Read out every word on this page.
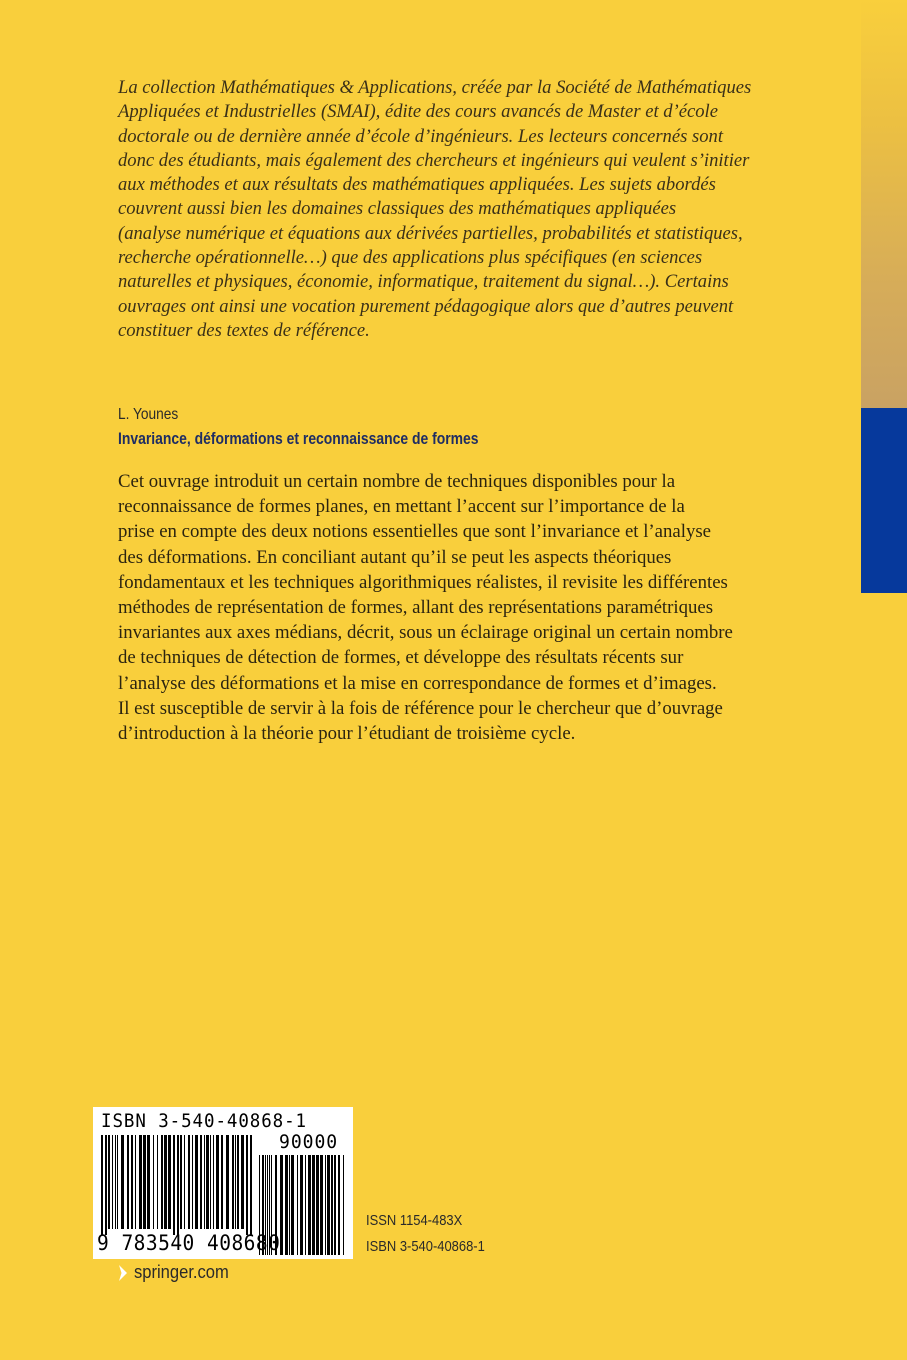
La collection Mathématiques & Applications, créée par la Société de Mathématiques
Appliquées et Industrielles (SMAI), édite des cours avancés de Master et d’école
doctorale ou de dernière année d’école d’ingénieurs. Les lecteurs concernés sont
donc des étudiants, mais également des chercheurs et ingénieurs qui veulent s’initier
aux méthodes et aux résultats des mathématiques appliquées. Les sujets abordés
couvrent aussi bien les domaines classiques des mathématiques appliquées
(analyse numérique et équations aux dérivées partielles, probabilités et statistiques,
recherche opérationnelle…) que des applications plus spécifiques (en sciences
naturelles et physiques, économie, informatique, traitement du signal…). Certains
ouvrages ont ainsi une vocation purement pédagogique alors que d’autres peuvent
constituer des textes de référence.
L. Younes
Invariance, déformations et reconnaissance de formes
Cet ouvrage introduit un certain nombre de techniques disponibles pour la
reconnaissance de formes planes, en mettant l’accent sur l’importance de la
prise en compte des deux notions essentielles que sont l’invariance et l’analyse
des déformations. En conciliant autant qu’il se peut les aspects théoriques
fondamentaux et les techniques algorithmiques réalistes, il revisite les différentes
méthodes de représentation de formes, allant des représentations paramétriques
invariantes aux axes médians, décrit, sous un éclairage original un certain nombre
de techniques de détection de formes, et développe des résultats récents sur
l’analyse des déformations et la mise en correspondance de formes et d’images.
Il est susceptible de servir à la fois de référence pour le chercheur que d’ouvrage
d’introduction à la théorie pour l’étudiant de troisième cycle.
ISBN 3-540-40868-1
90000
9 783540 408680
ISSN 1154-483X
ISBN 3-540-40868-1
springer.com
